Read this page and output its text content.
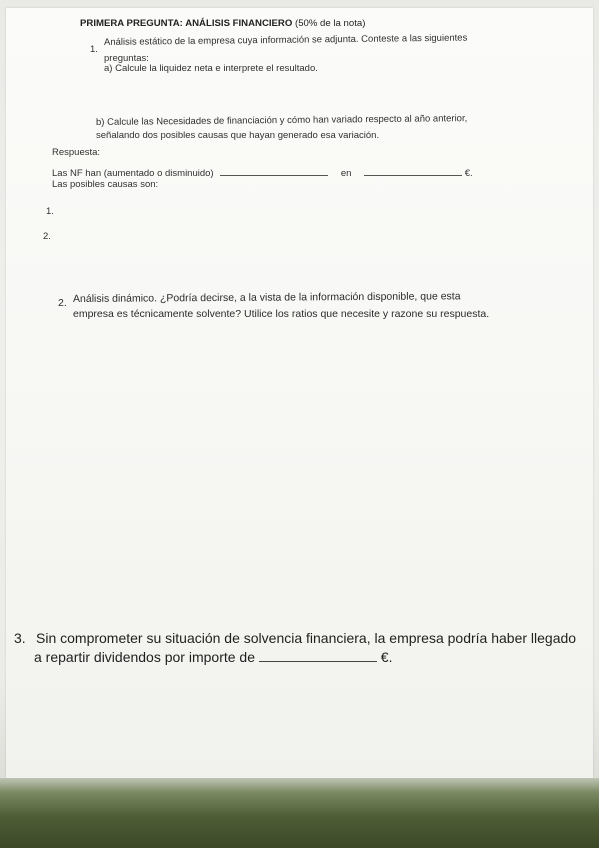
PRIMERA PREGUNTA: ANÁLISIS FINANCIERO (50% de la nota)
1.
Análisis estático de la empresa cuya información se adjunta. Conteste a las siguientes
preguntas:
a) Calcule la liquidez neta e interprete el resultado.
b) Calcule las Necesidades de financiación y cómo han variado respecto al año anterior,
señalando dos posibles causas que hayan generado esa variación.
Respuesta:
Las NF han (aumentado o disminuido)	en	€.
Las posibles causas son:
1.
2.
2. Análisis dinámico. ¿Podría decirse, a la vista de la información disponible, que esta
empresa es técnicamente solvente? Utilice los ratios que necesite y razone su respuesta.
3. Sin comprometer su situación de solvencia financiera, la empresa podría haber llegado
a repartir dividendos por importe de	€.
